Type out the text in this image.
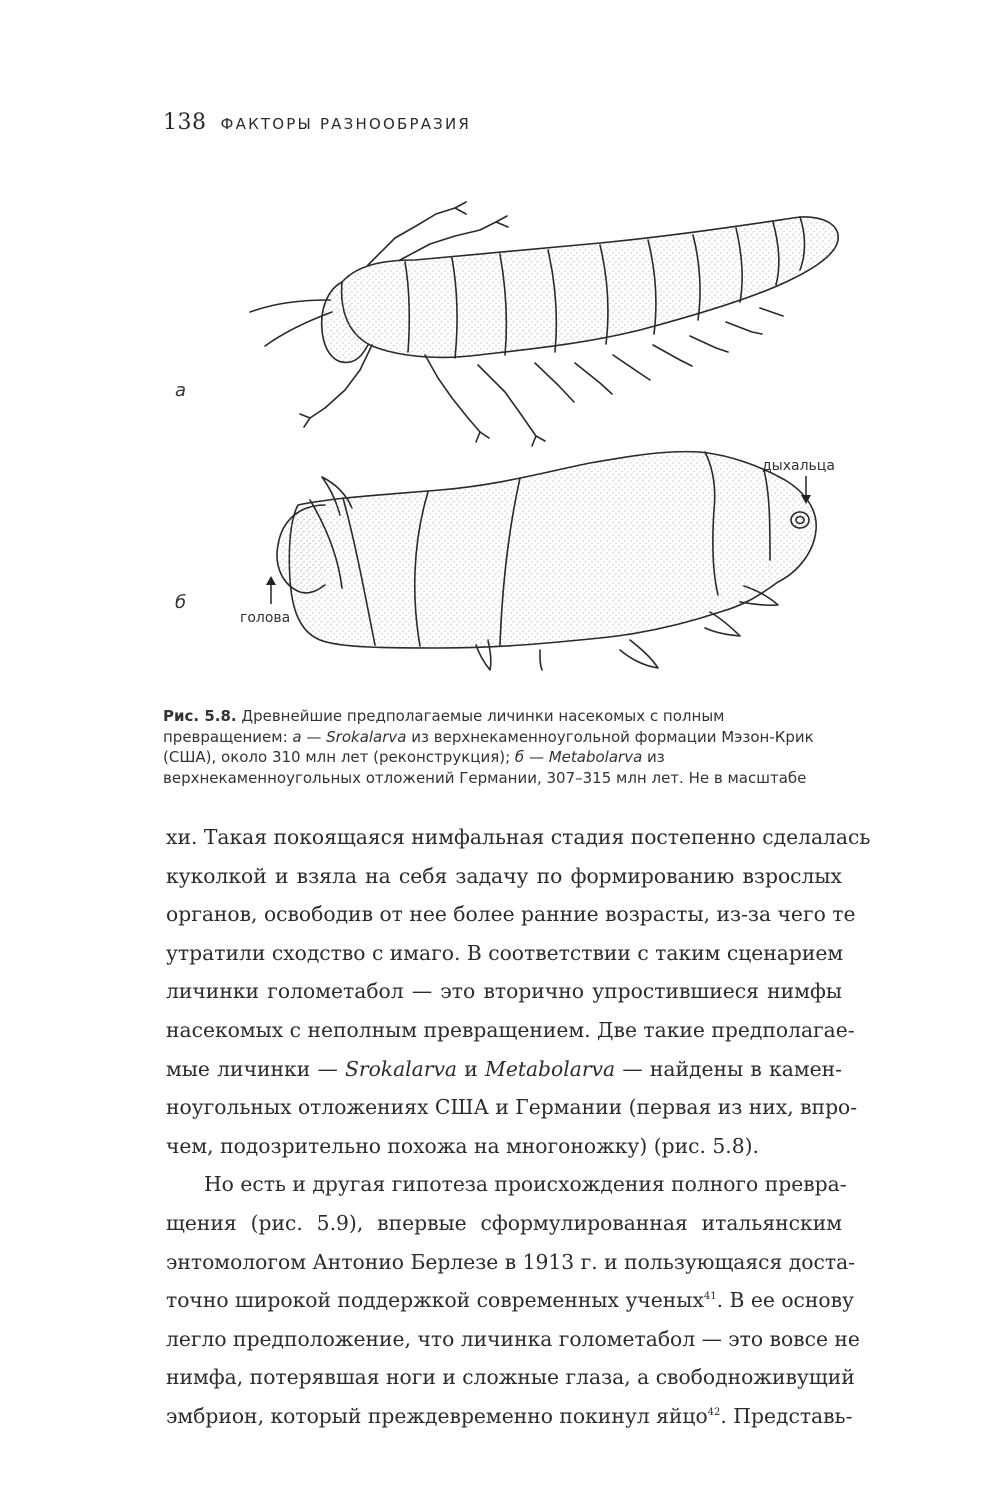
138 ФАКТОРЫ РАЗНООБРАЗИЯ
дыхальца
голова
а
б
Рис. 5.8. Древнейшие предполагаемые личинки насекомых с полным превращением: а — Srokalarva из верхнекаменноугольной формации Мэзон-Крик (США), около 310 млн лет (реконструкция); б — Metabolarva из верхнекаменноугольных отложений Германии, 307–315 млн лет. Не в масштабе
хи. Такая покоящаяся нимфальная стадия постепенно сделалась
куколкой и взяла на себя задачу по формированию взрослых
органов, освободив от нее более ранние возрасты, из-за чего те
утратили сходство с имаго. В соответствии с таким сценарием
личинки голометабол — это вторично упростившиеся нимфы
насекомых с неполным превращением. Две такие предполагае-
мые личинки — Srokalarva и Metabolarva — найдены в камен-
ноугольных отложениях США и Германии (первая из них, впро-
чем, подозрительно похожа на многоножку) (рис. 5.8).
Но есть и другая гипотеза происхождения полного превра-
щения (рис. 5.9), впервые сформулированная итальянским
энтомологом Антонио Берлезе в 1913 г. и пользующаяся доста-
точно широкой поддержкой современных ученых$^{41}$. В ее основу
легло предположение, что личинка голометабол — это вовсе не
нимфа, потерявшая ноги и сложные глаза, а свободноживущий
эмбрион, который преждевременно покинул яйцо$^{42}$. Представь-
